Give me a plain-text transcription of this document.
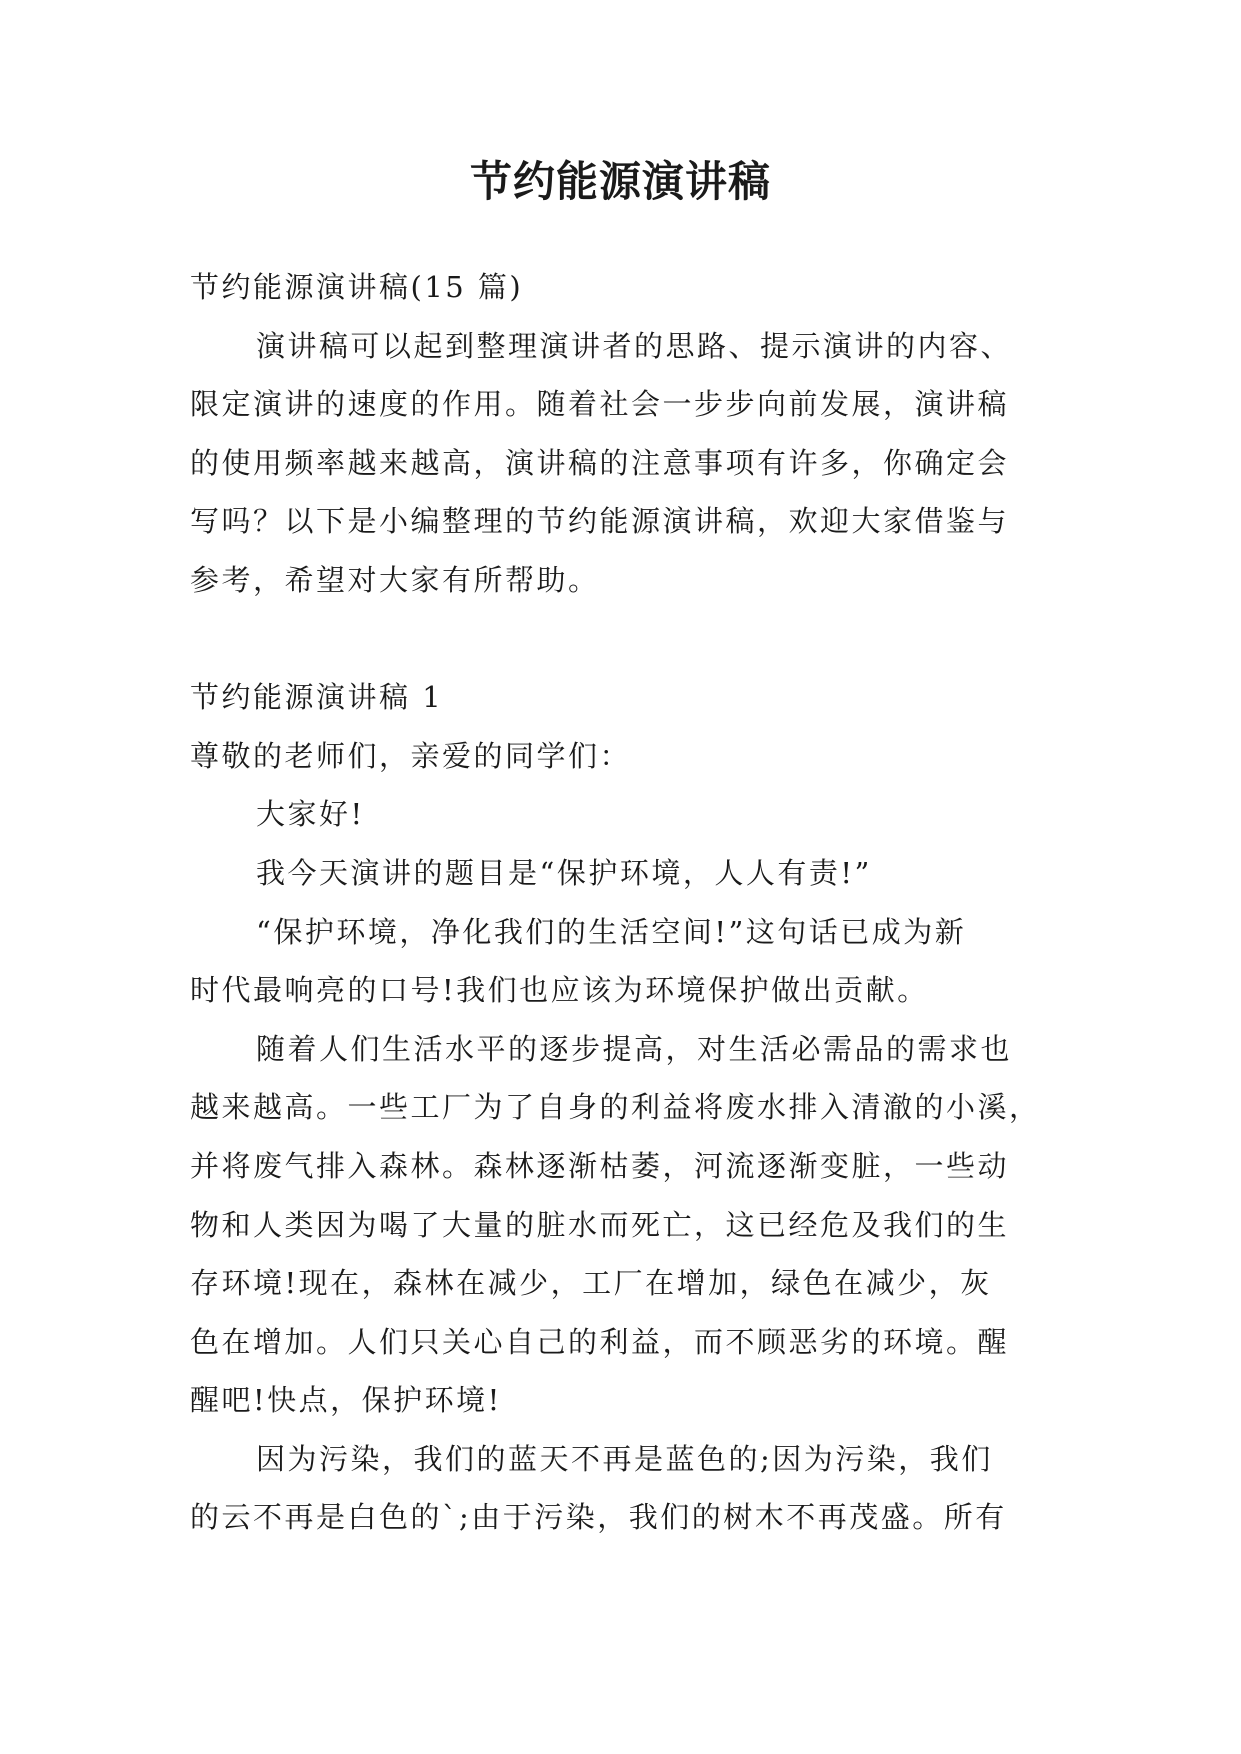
节约能源演讲稿
节约能源演讲稿(15 篇)
演讲稿可以起到整理演讲者的思路、提示演讲的内容、
限定演讲的速度的作用。随着社会一步步向前发展，演讲稿
的使用频率越来越高，演讲稿的注意事项有许多，你确定会
写吗？以下是小编整理的节约能源演讲稿，欢迎大家借鉴与
参考，希望对大家有所帮助。
节约能源演讲稿 1
尊敬的老师们，亲爱的同学们：
大家好!
我今天演讲的题目是“保护环境，人人有责!”
“保护环境，净化我们的生活空间!”这句话已成为新
时代最响亮的口号!我们也应该为环境保护做出贡献。
随着人们生活水平的逐步提高，对生活必需品的需求也
越来越高。一些工厂为了自身的利益将废水排入清澈的小溪，
并将废气排入森林。森林逐渐枯萎，河流逐渐变脏，一些动
物和人类因为喝了大量的脏水而死亡，这已经危及我们的生
存环境!现在，森林在减少，工厂在增加，绿色在减少，灰
色在增加。人们只关心自己的利益，而不顾恶劣的环境。醒
醒吧!快点，保护环境!
因为污染，我们的蓝天不再是蓝色的;因为污染，我们
的云不再是白色的`;由于污染，我们的树木不再茂盛。所有
